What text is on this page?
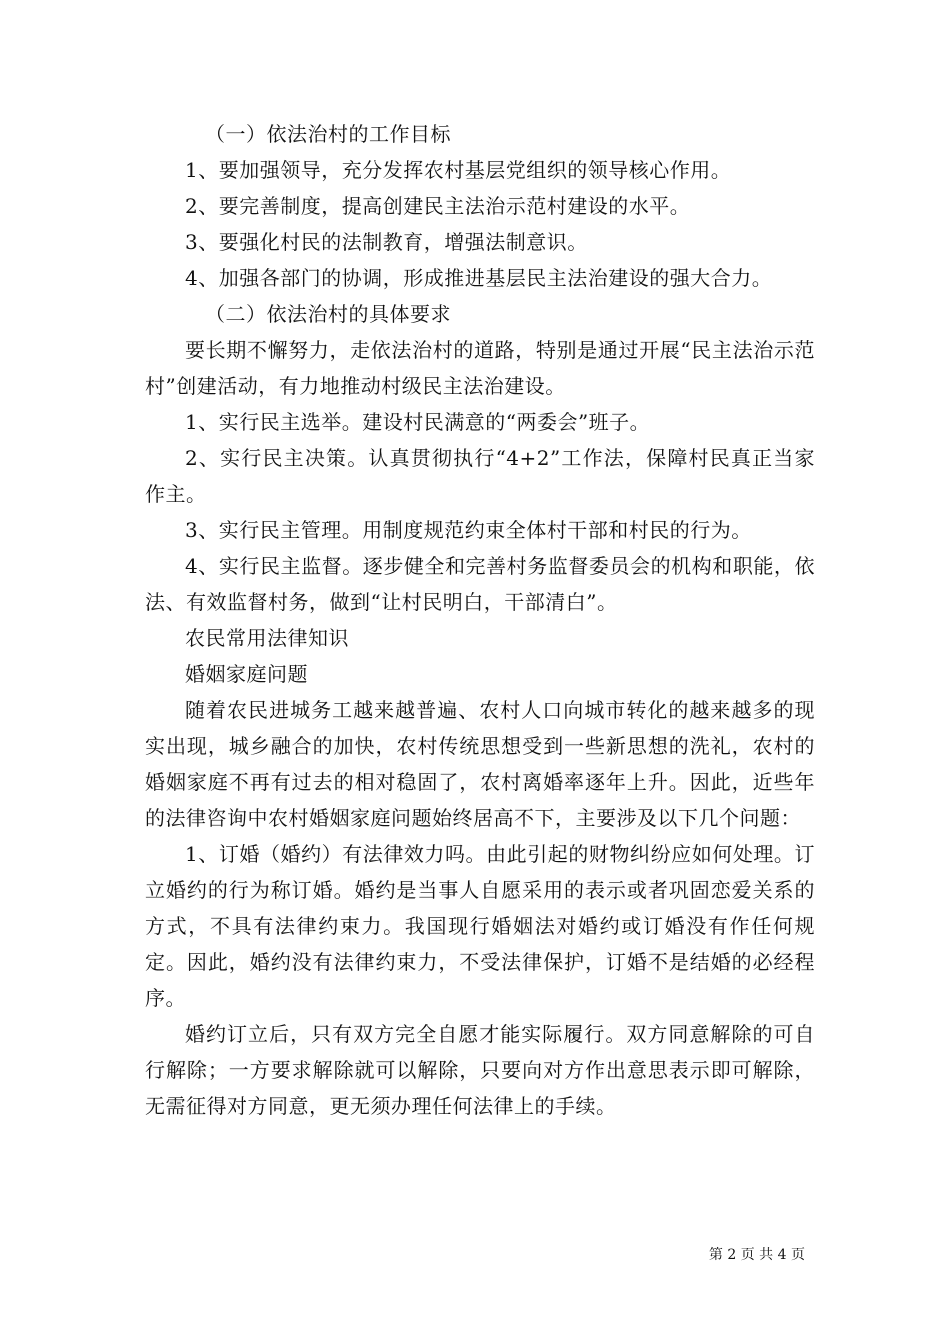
（一）依法治村的工作目标

1、要加强领导，充分发挥农村基层党组织的领导核心作用。

2、要完善制度，提高创建民主法治示范村建设的水平。

3、要强化村民的法制教育，增强法制意识。

4、加强各部门的协调，形成推进基层民主法治建设的强大合力。

（二）依法治村的具体要求

要长期不懈努力，走依法治村的道路，特别是通过开展“民主法治示范村”创建活动，有力地推动村级民主法治建设。

1、实行民主选举。建设村民满意的“两委会”班子。

2、实行民主决策。认真贯彻执行“4+2”工作法，保障村民真正当家作主。

3、实行民主管理。用制度规范约束全体村干部和村民的行为。

4、实行民主监督。逐步健全和完善村务监督委员会的机构和职能，依法、有效监督村务，做到“让村民明白，干部清白”。

农民常用法律知识

婚姻家庭问题

随着农民进城务工越来越普遍、农村人口向城市转化的越来越多的现实出现，城乡融合的加快，农村传统思想受到一些新思想的洗礼，农村的婚姻家庭不再有过去的相对稳固了，农村离婚率逐年上升。因此，近些年的法律咨询中农村婚姻家庭问题始终居高不下，主要涉及以下几个问题：

1、订婚（婚约）有法律效力吗。由此引起的财物纠纷应如何处理。订立婚约的行为称订婚。婚约是当事人自愿采用的表示或者巩固恋爱关系的方式，不具有法律约束力。我国现行婚姻法对婚约或订婚没有作任何规定。因此，婚约没有法律约束力，不受法律保护，订婚不是结婚的必经程序。

婚约订立后，只有双方完全自愿才能实际履行。双方同意解除的可自行解除；一方要求解除就可以解除，只要向对方作出意思表示即可解除，无需征得对方同意，更无须办理任何法律上的手续。

第 2 页 共 4 页
